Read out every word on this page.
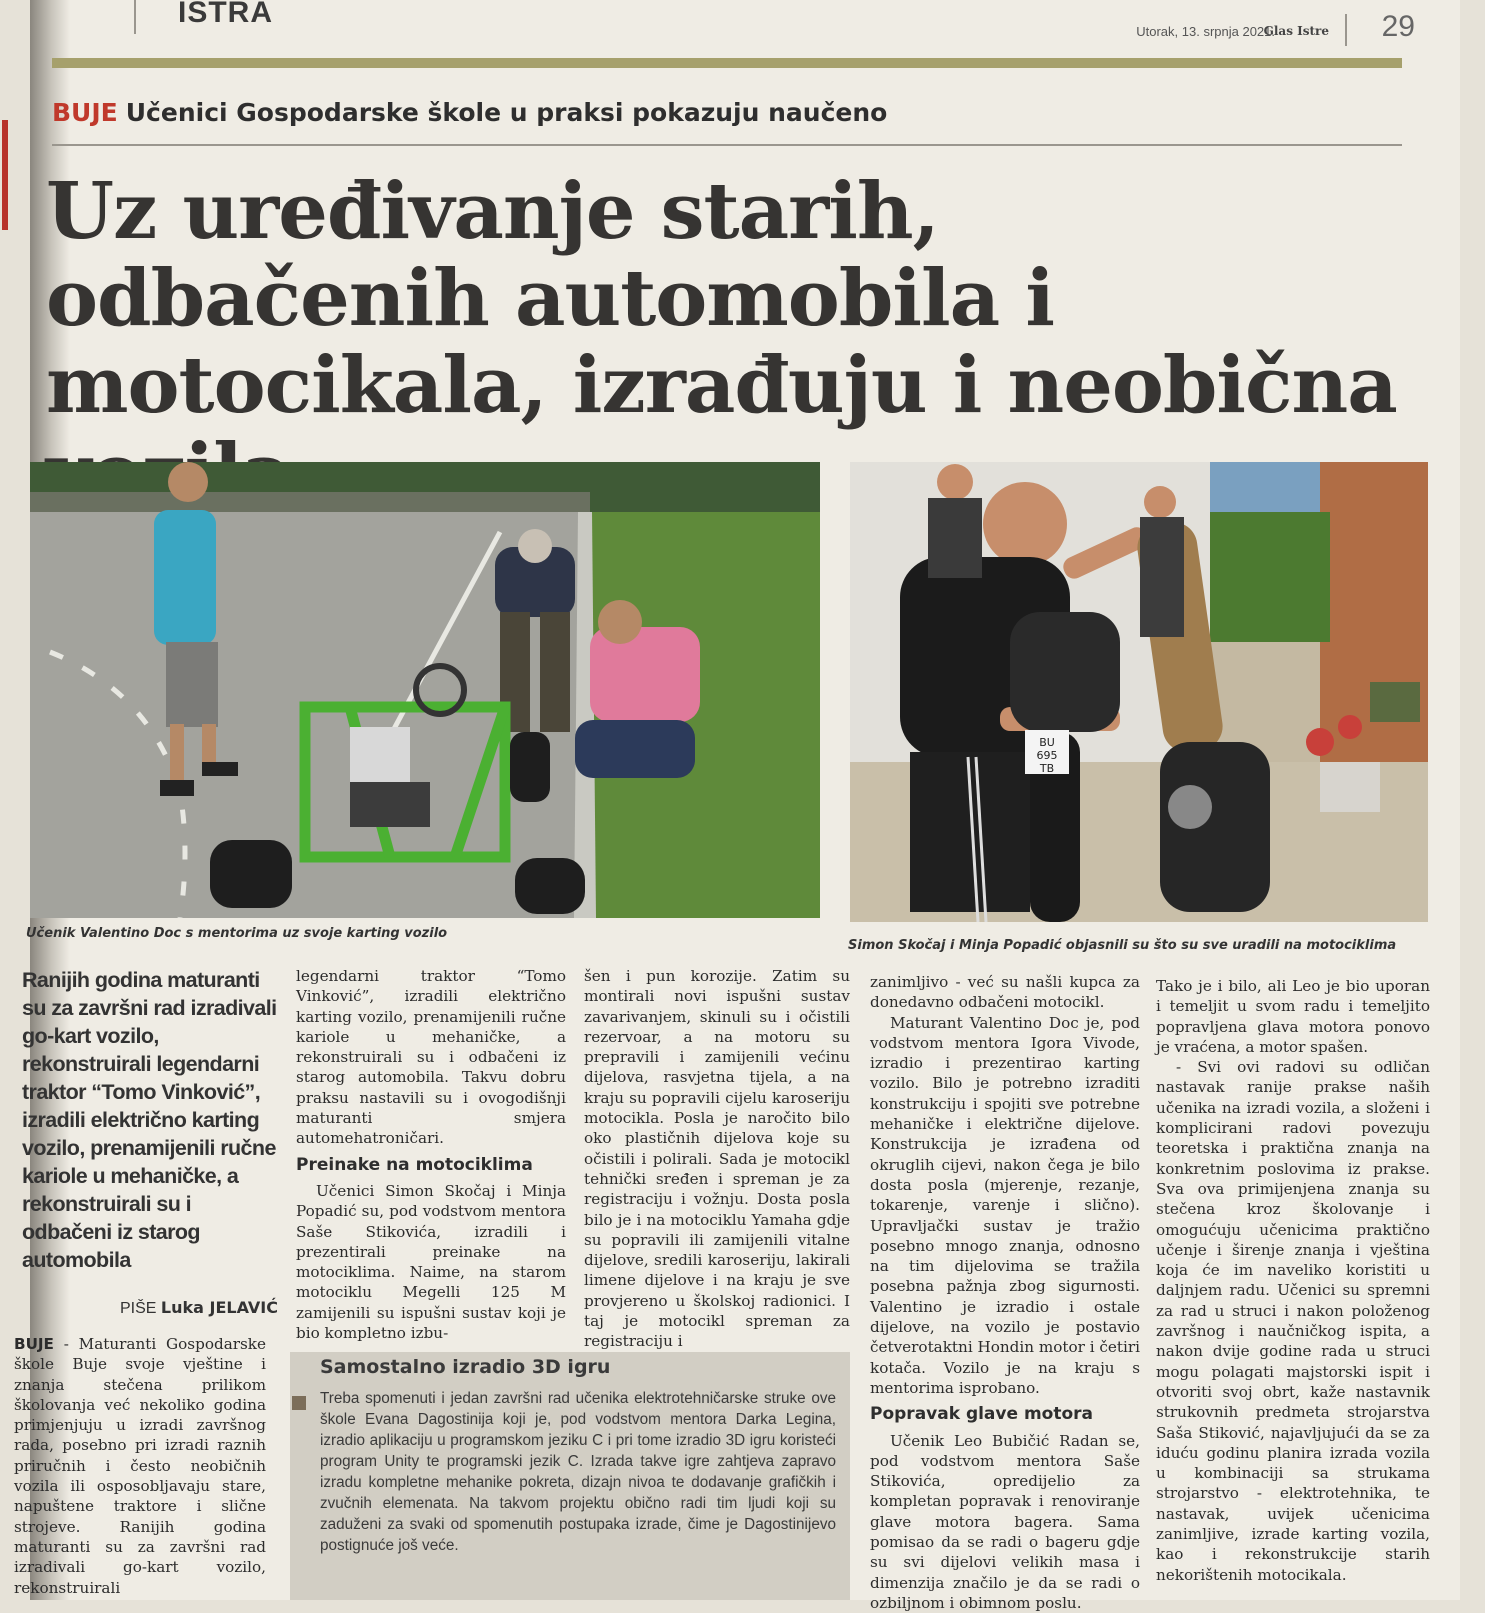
ISTRA
Utorak, 13. srpnja 2021.
Glas Istre 29
BUJE Učenici Gospodarske škole u praksi pokazuju naučeno
Uz uređivanje starih, odbačenih automobila i motocikala, izrađuju i neobična
Učenik Valentino Doc s mentorima uz svoje karting vozilo
BU
695
TB
Simon Skočaj i Minja Popadić objasnili su što su sve uradili na motociklima
Ranijih godina maturanti su za završni rad izradivali go-kart vozilo, rekonstruirali legendarni traktor “Tomo Vinković”, izradili električno karting vozilo, prenamijenili ručne kariole u mehaničke, a rekonstruirali su i odbačeni iz starog automobila
PIŠE Luka JELAVIĆ

BUJE - Maturanti Gospodarske škole Buje svoje vještine i znanja stečena prilikom školovanja već nekoliko godina primjenjuju u izradi završnog rada, posebno pri izradi raznih priručnih i često neobičnih vozila ili osposobljavaju stare, napuštene traktore i slične strojeve. Ranijih godina maturanti su za završni rad izradivali go-kart vozilo, rekonstruirali

legendarni traktor “Tomo Vinković”, izradili električno karting vozilo, prenamijenili ručne kariole u mehaničke, a rekonstruirali su i odbačeni iz starog automobila. Takvu dobru praksu nastavili su i ovogodišnji maturanti smjera automehatroničari.

Preinake na motociklima

Učenici Simon Skočaj i Minja Popadić su, pod vodstvom mentora Saše Stikovića, izradili i prezentirali preinake na motociklima. Naime, na starom motociklu Megelli 125 M zamijenili su ispušni sustav koji je bio kompletno izbu-

šen i pun korozije. Zatim su montirali novi ispušni sustav zavarivanjem, skinuli su i očistili rezervoar, a na motoru su prepravili i zamijenili većinu dijelova, rasvjetna tijela, a na kraju su popravili cijelu karoseriju motocikla. Posla je naročito bilo oko plastičnih dijelova koje su očistili i polirali. Sada je motocikl tehnički sređen i spreman je za registraciju i vožnju. Dosta posla bilo je i na motociklu Yamaha gdje su popravili ili zamijenili vitalne dijelove, sredili karoseriju, lakirali limene dijelove i na kraju je sve provjereno u školskoj radionici. I taj je motocikl spreman za registraciju i

zanimljivo - već su našli kupca za donedavno odbačeni motocikl.

Maturant Valentino Doc je, pod vodstvom mentora Igora Vivode, izradio i prezentirao karting vozilo. Bilo je potrebno izraditi konstrukciju i spojiti sve potrebne mehaničke i električne dijelove. Konstrukcija je izrađena od okruglih cijevi, nakon čega je bilo dosta posla (mjerenje, rezanje, tokarenje, varenje i slično). Upravljački sustav je tražio posebno mnogo znanja, odnosno na tim dijelovima se tražila posebna pažnja zbog sigurnosti. Valentino je izradio i ostale dijelove, na vozilo je postavio četverotaktni Hondin motor i četiri kotača. Vozilo je na kraju s mentorima isprobano.

Popravak glave motora

Učenik Leo Bubičić Radan se, pod vodstvom mentora Saše Stikovića, opredijelio za kompletan popravak i renoviranje glave motora bagera. Sama pomisao da se radi o bageru gdje su svi dijelovi velikih masa i dimenzija značilo je da se radi o ozbiljnom i obimnom poslu.

Tako je i bilo, ali Leo je bio uporan i temeljit u svom radu i temeljito popravljena glava motora ponovo je vraćena, a motor spašen.

- Svi ovi radovi su odličan nastavak ranije prakse naših učenika na izradi vozila, a složeni i komplicirani radovi povezuju teoretska i praktična znanja na konkretnim poslovima iz prakse. Sva ova primijenjena znanja su stečena kroz školovanje i omogućuju učenicima praktično učenje i širenje znanja i vještina koja će im naveliko koristiti u daljnjem radu. Učenici su spremni za rad u struci i nakon položenog završnog i naučničkog ispita, a nakon dvije godine rada u struci mogu polagati majstorski ispit i otvoriti svoj obrt, kaže nastavnik strukovnih predmeta strojarstva Saša Stiković, najavljujući da se za iduću godinu planira izrada vozila u kombinaciji sa strukama strojarstvo - elektrotehnika, te nastavak, uvijek učenicima zanimljive, izrade karting vozila, kao i rekonstrukcije starih nekorištenih motocikala.

Samostalno izradio 3D igru

Treba spomenuti i jedan završni rad učenika elektrotehničarske struke ove škole Evana Dagostinija koji je, pod vodstvom mentora Darka Legina, izradio aplikaciju u programskom jeziku C i pri tome izradio 3D igru koristeći program Unity te programski jezik C. Izrada takve igre zahtjeva zapravo izradu kompletne mehanike pokreta, dizajn nivoa te dodavanje grafičkih i zvučnih elemenata. Na takvom projektu obično radi tim ljudi koji su zaduženi za svaki od spomenutih postupaka izrade, čime je Dagostinijevo postignuće još veće.
